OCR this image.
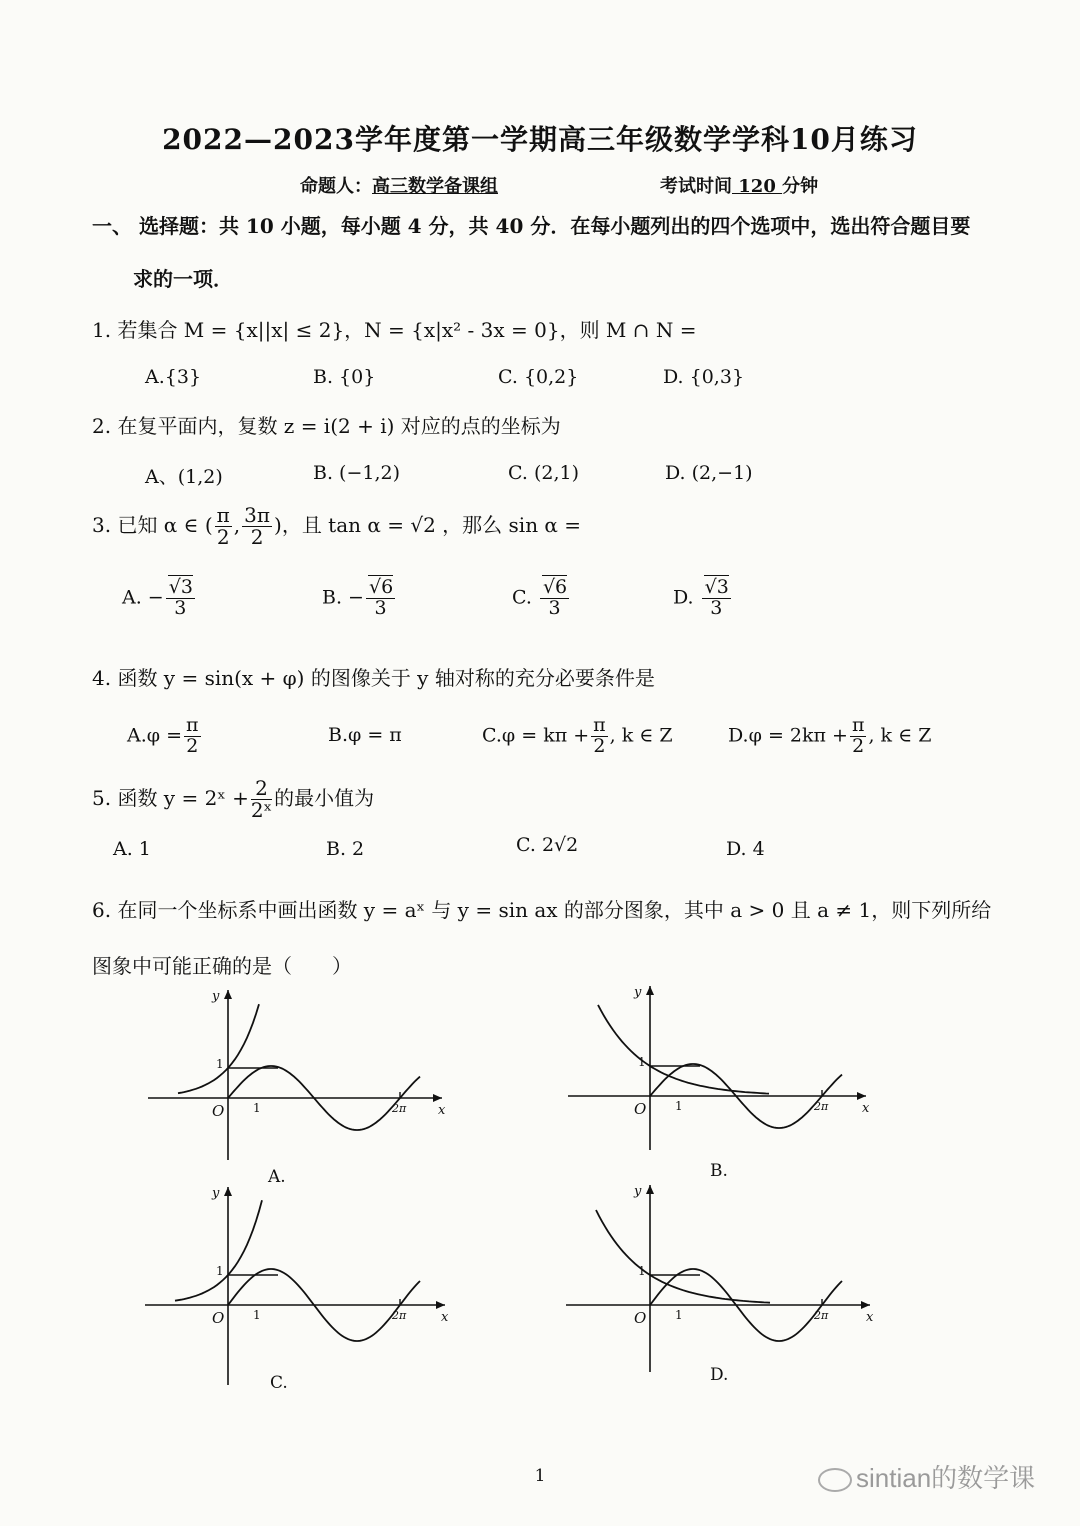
2022—2023学年度第一学期高三年级数学学科10月练习
命题人：高三数学备课组	考试时间 120 分钟
一、 选择题：共 10 小题，每小题 4 分，共 40 分．在每小题列出的四个选项中，选出符合题目要
求的一项．
1. 若集合 M = {x||x| ≤ 2}，N = {x|x² - 3x = 0}，则 M ∩ N =
A.{3}	B. {0}	C. {0,2}	D. {0,3}
2. 在复平面内，复数 z = i(2 + i) 对应的点的坐标为
A、(1,2)	B. (−1,2)	C. (2,1)	D. (2,−1)
3. 已知 α ∈ ( $\frac{\pi}{2}$ , $\frac{3\pi}{2}$ )，且 tan α = √2 ，那么 sin α =
A. − $\frac{√3}{3}$	B. − $\frac{√6}{3}$	C. $\frac{√6}{3}$	D. $\frac{√3}{3}$
4. 函数 y = sin(x + φ) 的图像关于 y 轴对称的充分必要条件是
$A.\varphi = \frac{\pi}{2}$	B.φ = π	$C.\varphi = k\pi + \frac{\pi}{2}$ , k ∈ Z	$D.\varphi = 2k\pi + \frac{\pi}{2}$ , k ∈ Z
5. 函数 y = 2ˣ + $\frac{2}{\text{2ˣ}}$ 的最小值为
A. 1	B. 2	C. 2√2	D. 4
6. 在同一个坐标系中画出函数 y = aˣ 与 y = sin ax 的部分图象，其中 a > 0 且 a ≠ 1，则下列所给
图象中可能正确的是（　　）
y
x
O 1	2π
1
A.
y
x
O 1	2π
1
B.
y
x
O 1	2π
1
C.
y
x
O 1	2π
1
D.
1	sintian的数学课
